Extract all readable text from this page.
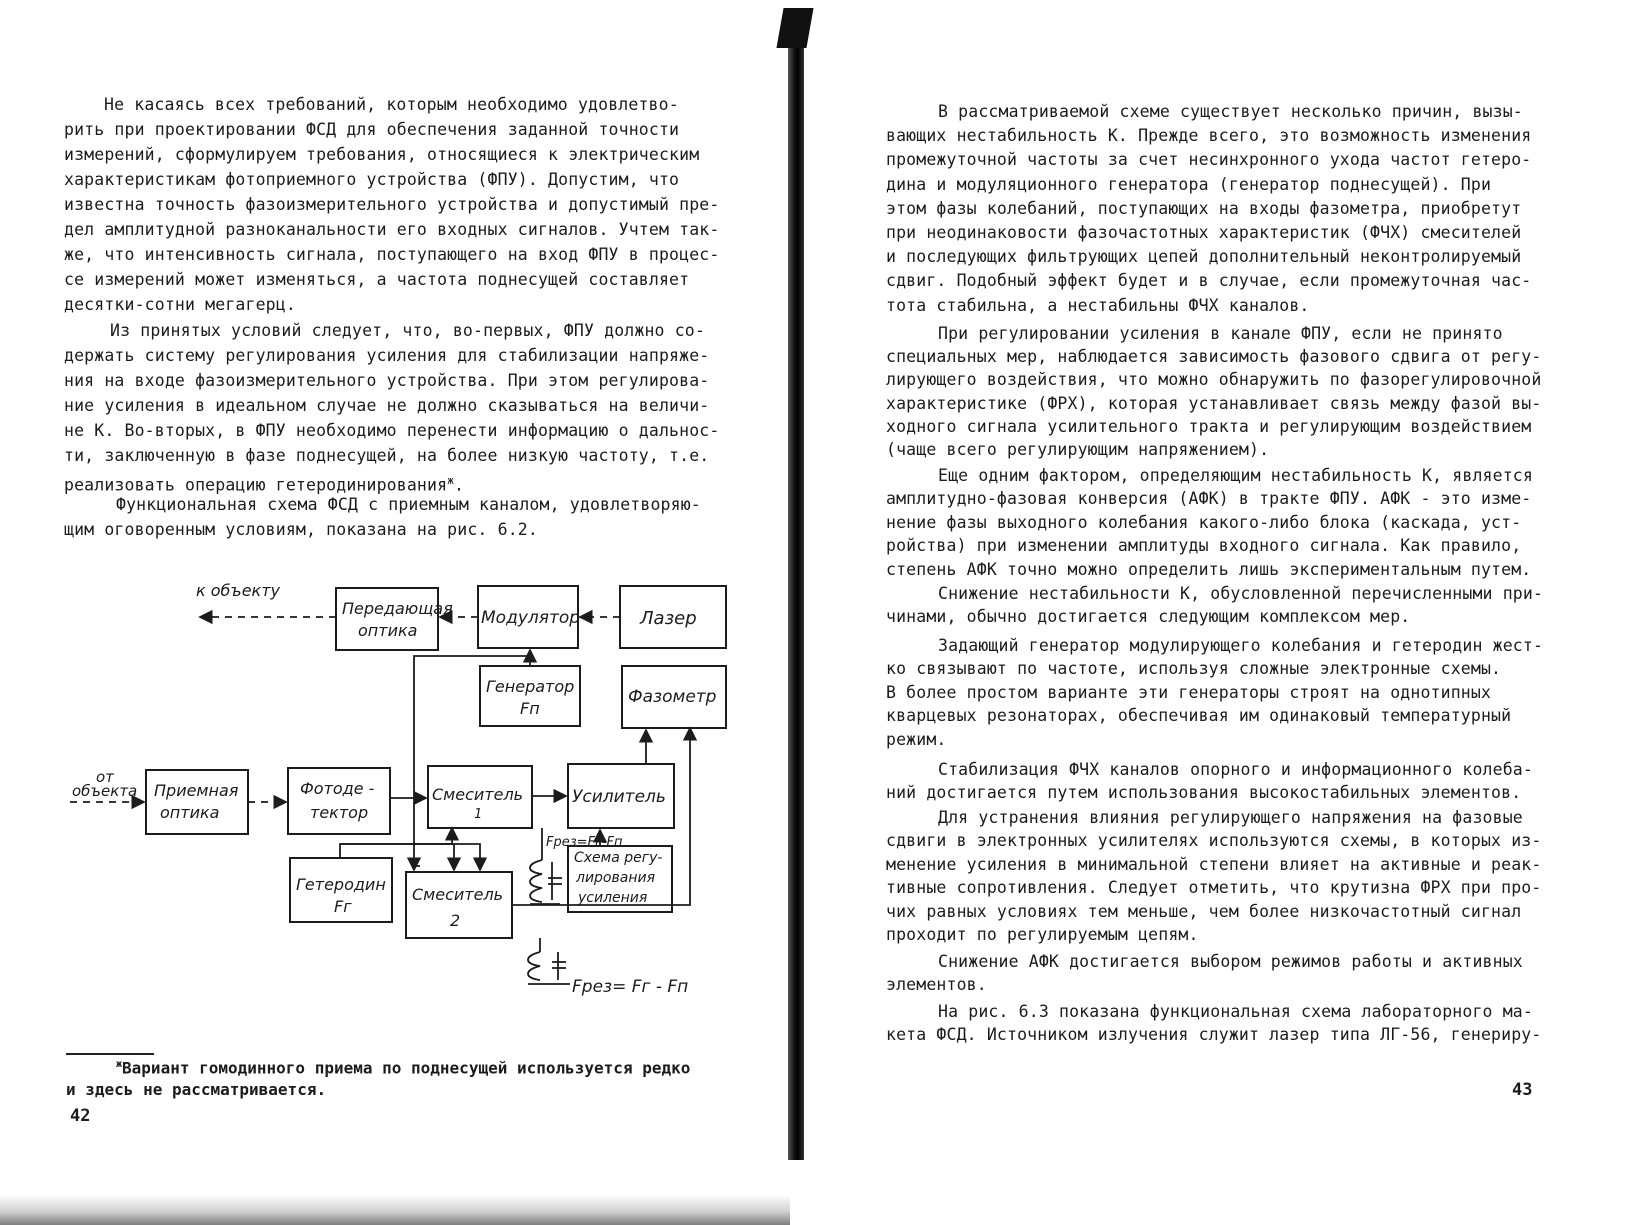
Не касаясь всех требований, которым необходимо удовлетво-
рить при проектировании ФСД для обеспечения заданной точности
измерений, сформулируем требования, относящиеся к электрическим
характеристикам фотоприемного устройства (ФПУ). Допустим, что
известна точность фазоизмерительного устройства и допустимый пре-
дел амплитудной разноканальности его входных сигналов. Учтем так-
же, что интенсивность сигнала, поступающего на вход ФПУ в процес-
се измерений может изменяться, а частота поднесущей составляет
десятки-сотни мегагерц.
Из принятых условий следует, что, во-первых, ФПУ должно со-
держать систему регулирования усиления для стабилизации напряже-
ния на входе фазоизмерительного устройства. При этом регулирова-
ние усиления в идеальном случае не должно сказываться на величи-
не К. Во-вторых, в ФПУ необходимо перенести информацию о дальнос-
ти, заключенную в фазе поднесущей, на более низкую частоту, т.е.
реализовать операцию гетеродинирования$^ж$.
Функциональная схема ФСД с приемным каналом, удовлетворяю-
щим оговоренным условиям, показана на рис. 6.2.
Передающая
оптика
Модулятор	Лазер
Генератор
Fп
Фазометр
Приемная
оптика
Фотоде -
тектор
Смеситель
1
Усилитель
Гетеродин
Fг
Смеситель
2
Схема регу-
лирования
усиления
к объекту
от
объекта
Fрез=Fг-Fп
Fрез= Fг - Fп
$^ж$Вариант гомодинного приема по поднесущей используется редко
и здесь не рассматривается.
42
В рассматриваемой схеме существует несколько причин, вызы-
вающих нестабильность К. Прежде всего, это возможность изменения
промежуточной частоты за счет несинхронного ухода частот гетеро-
дина и модуляционного генератора (генератор поднесущей). При
этом фазы колебаний, поступающих на входы фазометра, приобретут
при неодинаковости фазочастотных характеристик (ФЧХ) смесителей
и последующих фильтрующих цепей дополнительный неконтролируемый
сдвиг. Подобный эффект будет и в случае, если промежуточная час-
тота стабильна, а нестабильны ФЧХ каналов.
При регулировании усиления в канале ФПУ, если не принято
специальных мер, наблюдается зависимость фазового сдвига от регу-
лирующего воздействия, что можно обнаружить по фазорегулировочной
характеристике (ФРХ), которая устанавливает связь между фазой вы-
ходного сигнала усилительного тракта и регулирующим воздействием
(чаще всего регулирующим напряжением).
Еще одним фактором, определяющим нестабильность К, является
амплитудно-фазовая конверсия (АФК) в тракте ФПУ. АФК - это изме-
нение фазы выходного колебания какого-либо блока (каскада, уст-
ройства) при изменении амплитуды входного сигнала. Как правило,
степень АФК точно можно определить лишь экспериментальным путем.
Снижение нестабильности К, обусловленной перечисленными при-
чинами, обычно достигается следующим комплексом мер.
Задающий генератор модулирующего колебания и гетеродин жест-
ко связывают по частоте, используя сложные электронные схемы.
В более простом варианте эти генераторы строят на однотипных
кварцевых резонаторах, обеспечивая им одинаковый температурный
режим.
Стабилизация ФЧХ каналов опорного и информационного колеба-
ний достигается путем использования высокостабильных элементов.
Для устранения влияния регулирующего напряжения на фазовые
сдвиги в электронных усилителях используются схемы, в которых из-
менение усиления в минимальной степени влияет на активные и реак-
тивные сопротивления. Следует отметить, что крутизна ФРХ при про-
чих равных условиях тем меньше, чем более низкочастотный сигнал
проходит по регулируемым цепям.
Снижение АФК достигается выбором режимов работы и активных
элементов.
На рис. 6.3 показана функциональная схема лабораторного ма-
кета ФСД. Источником излучения служит лазер типа ЛГ-56, генериру-
43
